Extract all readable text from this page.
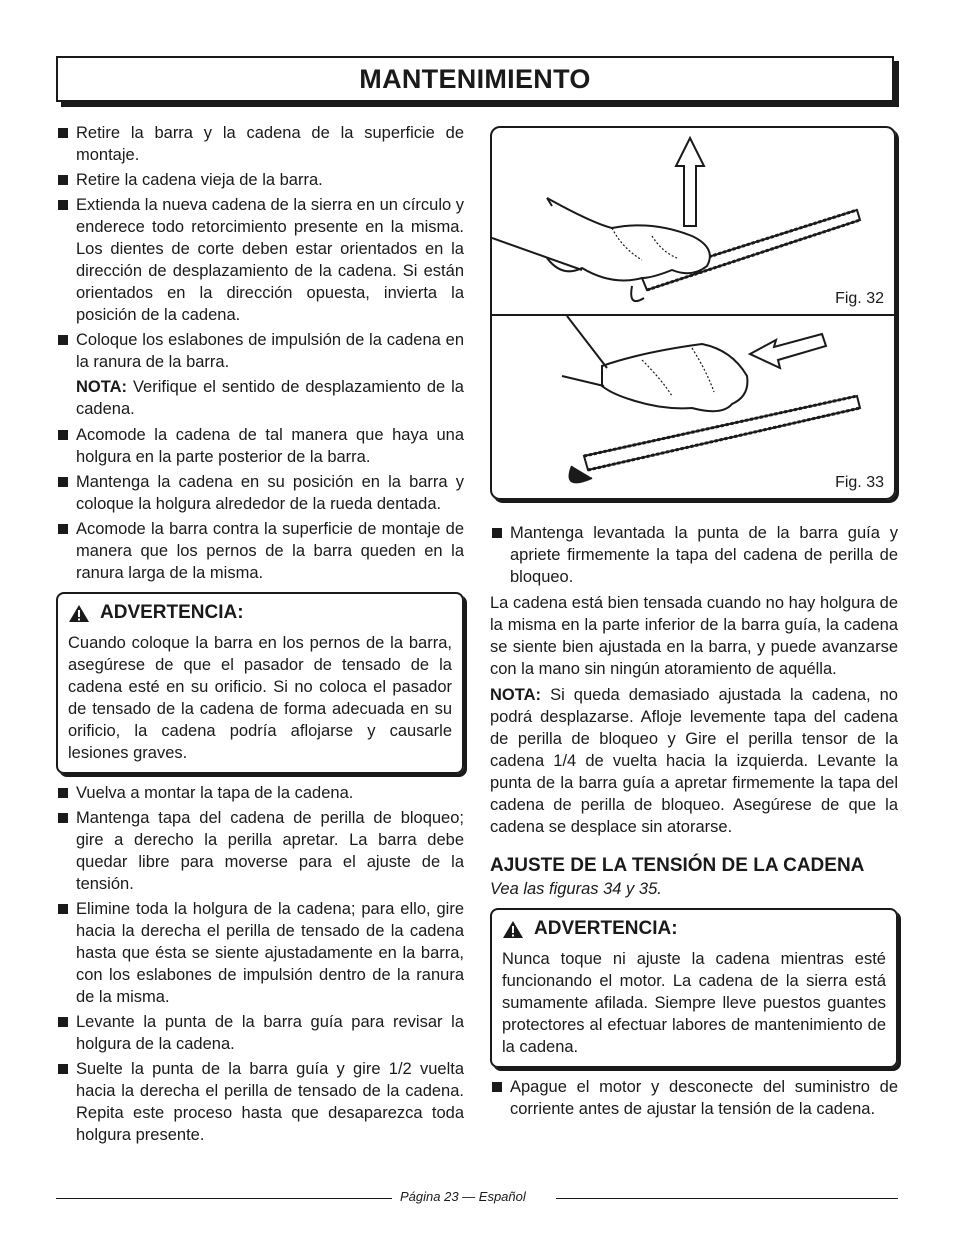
MANTENIMIENTO
Retire la barra y la cadena de la superficie de montaje.
Retire la cadena vieja de la barra.
Extienda la nueva cadena de la sierra en un círculo y enderece todo retorcimiento presente en la misma. Los dientes de corte deben estar orientados en la dirección de desplazamiento de la cadena. Si están orientados en la dirección opuesta, invierta la posición de la cadena.
Coloque los eslabones de impulsión de la cadena en la ranura de la barra.
NOTA: Verifique el sentido de desplazamiento de la cadena.
Acomode la cadena de tal manera que haya una holgura en la parte posterior de la barra.
Mantenga la cadena en su posición en la barra y coloque la holgura alrededor de la rueda dentada.
Acomode la barra contra la superficie de montaje de manera que los pernos de la barra queden en la ranura larga de la misma.
ADVERTENCIA:
Cuando coloque la barra en los pernos de la barra, asegúrese de que el pasador de tensado de la cadena esté en su orificio. Si no coloca el pasador de tensado de la cadena de forma adecuada en su orificio, la cadena podría aflojarse y causarle lesiones graves.
Vuelva a montar la tapa de la cadena.
Mantenga tapa del cadena de perilla de bloqueo; gire a derecho la perilla apretar. La barra debe quedar libre para moverse para el ajuste de la tensión.
Elimine toda la holgura de la cadena; para ello, gire hacia la derecha el perilla de tensado de la cadena hasta que ésta se siente ajustadamente en la barra, con los eslabones de impulsión dentro de la ranura de la misma.
Levante la punta de la barra guía para revisar la holgura de la cadena.
Suelte la punta de la barra guía y gire 1/2 vuelta hacia la derecha el perilla de tensado de la cadena. Repita este proceso hasta que desaparezca toda holgura presente.
Fig. 32
Fig. 33
Mantenga levantada la punta de la barra guía y apriete firmemente la tapa del cadena de perilla de bloqueo.
La cadena está bien tensada cuando no hay holgura de la misma en la parte inferior de la barra guía, la cadena se siente bien ajustada en la barra, y puede avanzarse con la mano sin ningún atoramiento de aquélla.
NOTA: Si queda demasiado ajustada la cadena, no podrá desplazarse. Afloje levemente tapa del cadena de perilla de bloqueo y Gire el perilla tensor de la cadena 1/4 de vuelta hacia la izquierda. Levante la punta de la barra guía a apretar firmemente la tapa del cadena de perilla de bloqueo. Asegúrese de que la cadena se desplace sin atorarse.
AJUSTE DE LA TENSIÓN DE LA CADENA
Vea las figuras 34 y 35.
ADVERTENCIA:
Nunca toque ni ajuste la cadena mientras esté funcionando el motor. La cadena de la sierra está sumamente afilada. Siempre lleve puestos guantes protectores al efectuar labores de mantenimiento de la cadena.
Apague el motor y desconecte del suministro de corriente antes de ajustar la tensión de la cadena.
Página 23 — Español
